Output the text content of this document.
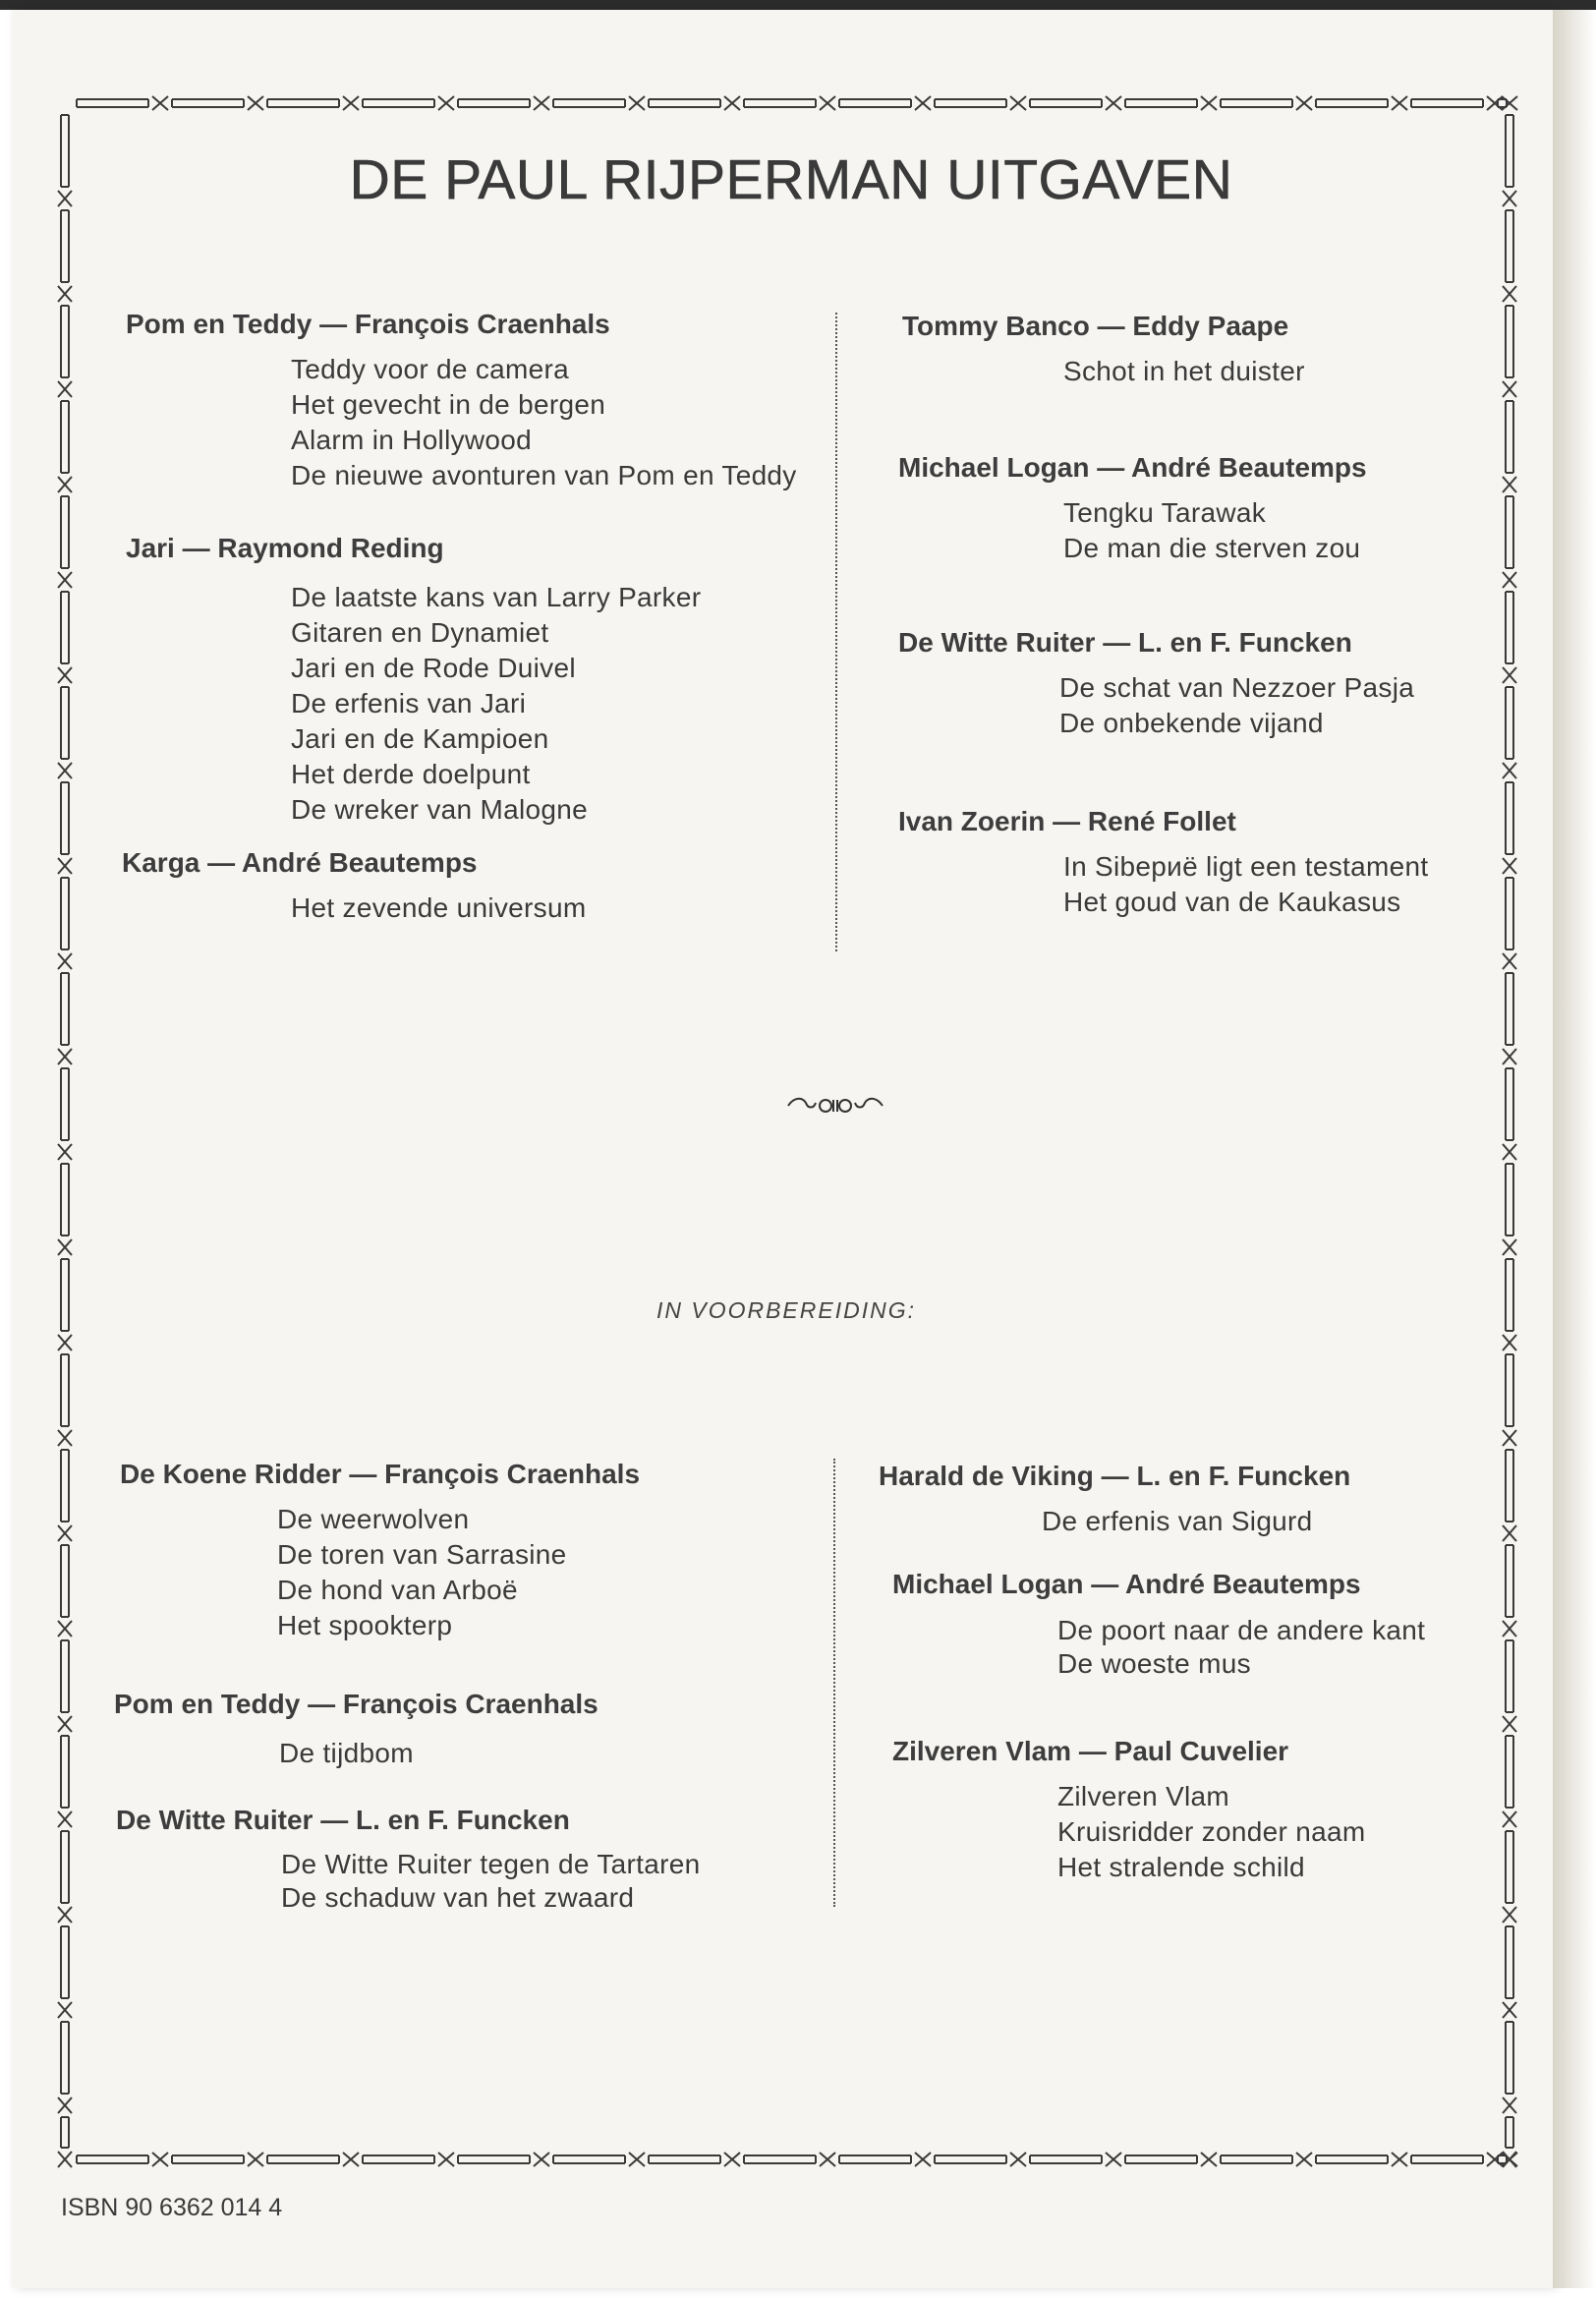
DE PAUL RIJPERMAN UITGAVEN
Pom en Teddy — François Craenhals
Teddy voor de camera
Het gevecht in de bergen
Alarm in Hollywood
De nieuwe avonturen van Pom en Teddy
Jari — Raymond Reding
De laatste kans van Larry Parker
Gitaren en Dynamiet
Jari en de Rode Duivel
De erfenis van Jari
Jari en de Kampioen
Het derde doelpunt
De wreker van Malogne
Karga — André Beautemps
Het zevende universum
Tommy Banco — Eddy Paape
Schot in het duister
Michael Logan — André Beautemps
Tengku Tarawak
De man die sterven zou
De Witte Ruiter — L. en F. Funcken
De schat van Nezzoer Pasja
De onbekende vijand
Ivan Zoerin — René Follet
In Sibериë ligt een testament
Het goud van de Kaukasus
IN VOORBEREIDING:
De Koene Ridder — François Craenhals
De weerwolven
De toren van Sarrasine
De hond van Arboë
Het spookterp
Pom en Teddy — François Craenhals
De tijdbom
De Witte Ruiter — L. en F. Funcken
De Witte Ruiter tegen de Tartaren
De schaduw van het zwaard
Harald de Viking — L. en F. Funcken
De erfenis van Sigurd
Michael Logan — André Beautemps
De poort naar de andere kant
De woeste mus
Zilveren Vlam — Paul Cuvelier
Zilveren Vlam
Kruisridder zonder naam
Het stralende schild
ISBN 90 6362 014 4
